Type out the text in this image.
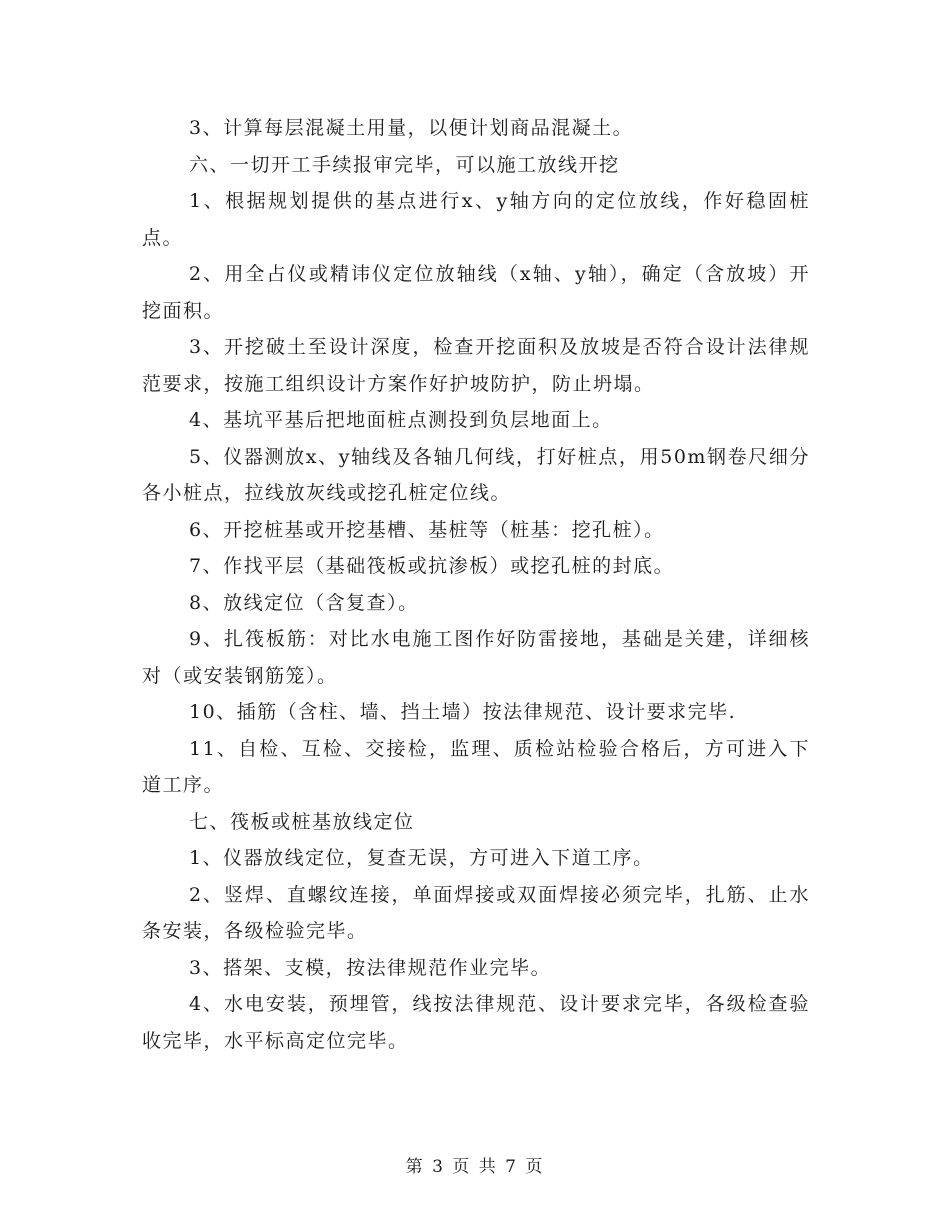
3、计算每层混凝土用量，以便计划商品混凝土。

六、一切开工手续报审完毕，可以施工放线开挖

1、根据规划提供的基点进行x、y轴方向的定位放线，作好稳固桩点。

2、用全占仪或精讳仪定位放轴线（x轴、y轴），确定（含放坡）开挖面积。

3、开挖破土至设计深度，检查开挖面积及放坡是否符合设计法律规范要求，按施工组织设计方案作好护坡防护，防止坍塌。

4、基坑平基后把地面桩点测投到负层地面上。

5、仪器测放x、y轴线及各轴几何线，打好桩点，用50m钢卷尺细分各小桩点，拉线放灰线或挖孔桩定位线。

6、开挖桩基或开挖基槽、基桩等（桩基：挖孔桩）。

7、作找平层（基础筏板或抗渗板）或挖孔桩的封底。

8、放线定位（含复查）。

9、扎筏板筋：对比水电施工图作好防雷接地，基础是关建，详细核对（或安装钢筋笼）。

10、插筋（含柱、墙、挡土墙）按法律规范、设计要求完毕.

11、自检、互检、交接检，监理、质检站检验合格后，方可进入下道工序。

七、筏板或桩基放线定位

1、仪器放线定位，复查无误，方可进入下道工序。

2、竖焊、直螺纹连接，单面焊接或双面焊接必须完毕，扎筋、止水条安装，各级检验完毕。

3、搭架、支模，按法律规范作业完毕。

4、水电安装，预埋管，线按法律规范、设计要求完毕，各级检查验收完毕，水平标高定位完毕。

第 3 页 共 7 页
